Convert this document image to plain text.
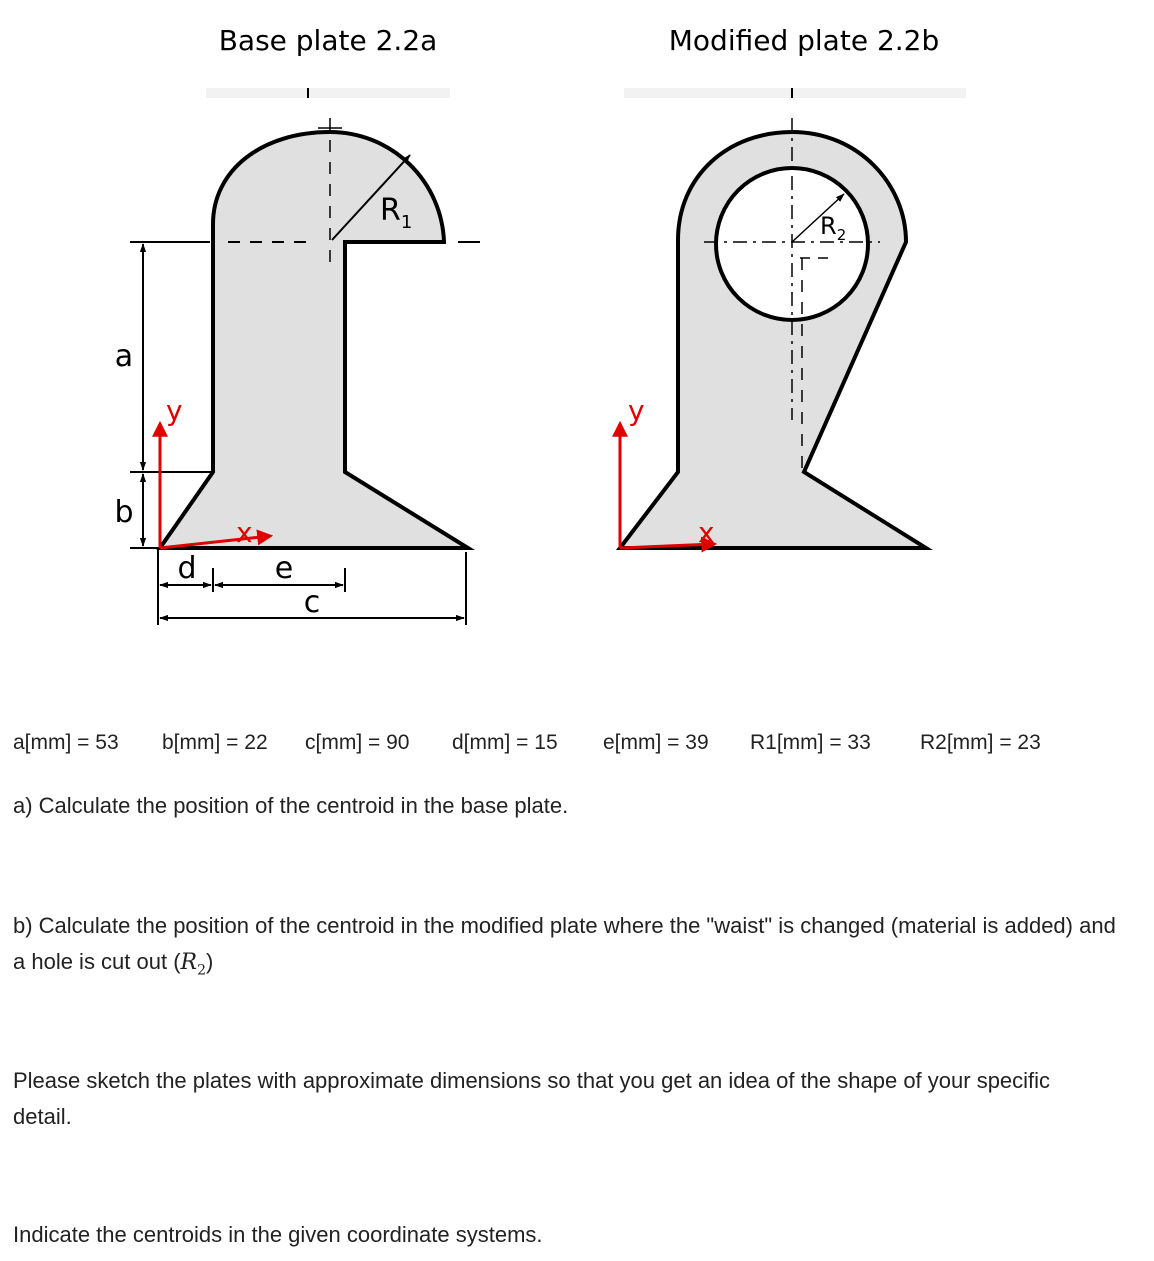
Base plate 2.2a	Modified plate 2.2b
$R_1$
a
b
d	e
c
y
x
$R_2$
y
x
a[mm] = 53 b[mm] = 22 c[mm] = 90 d[mm] = 15 e[mm] = 39 R1[mm] = 33 R2[mm] = 23

a) Calculate the position of the centroid in the base plate.

b) Calculate the position of the centroid in the modified plate where the "waist" is changed (material is added) and a hole is cut out $(R_2)$

Please sketch the plates with approximate dimensions so that you get an idea of the shape of your specific detail.

Indicate the centroids in the given coordinate systems.
